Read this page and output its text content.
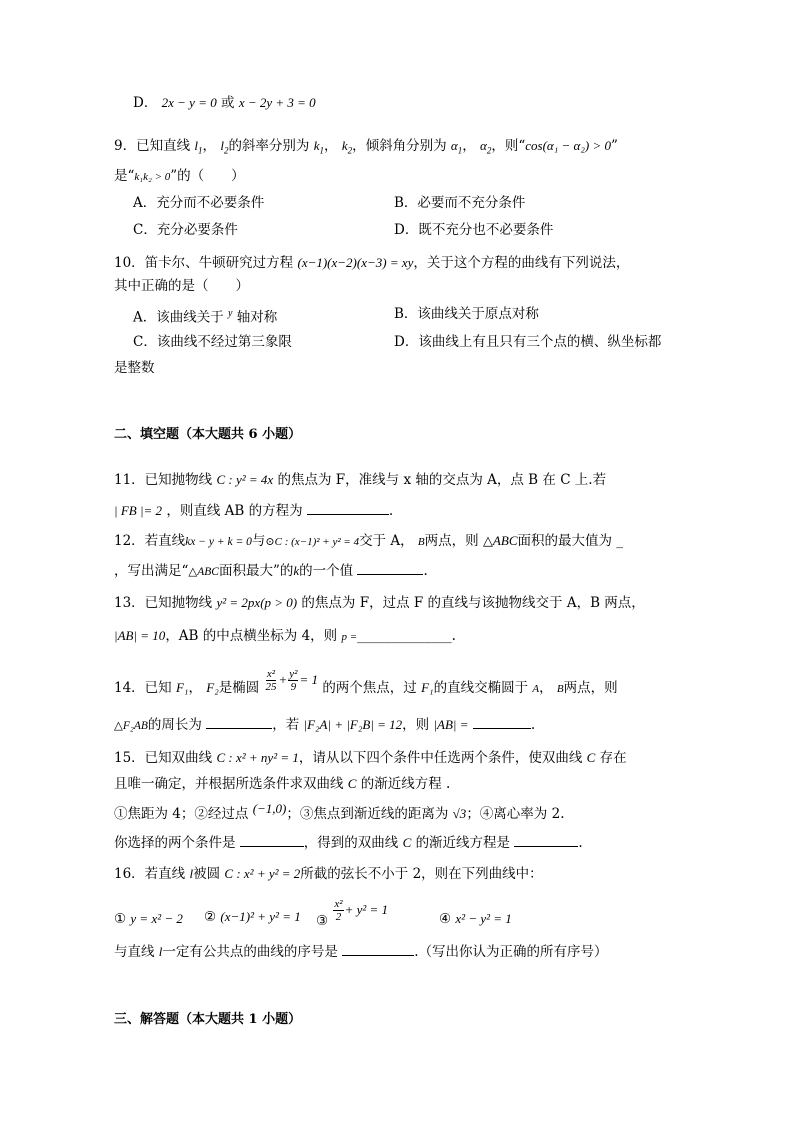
D． 2x − y = 0 或 x − 2y + 3 = 0
9．已知直线 $l_1$， $l_2$的斜率分别为 $k_1$， $k_2$，倾斜角分别为 $\alpha_1$， $\alpha_2$，则“cos(α₁ − α₂) > 0”
是“k₁k₂ > 0”的（　　）
A．充分而不必要条件	B．必要而不充分条件
C．充分必要条件	D．既不充分也不必要条件
10．笛卡尔、牛顿研究过方程 (x−1)(x−2)(x−3) = xy，关于这个方程的曲线有下列说法，
其中正确的是（　　）
A．该曲线关于 $^y$ 轴对称	B．该曲线关于原点对称
C．该曲线不经过第三象限	D．该曲线上有且只有三个点的横、纵坐标都
是整数
二、填空题（本大题共 6 小题）
11．已知抛物线 C : y² = 4x 的焦点为 F，准线与 x 轴的交点为 A，点 B 在 C 上.若
| FB |= 2 ，则直线 AB 的方程为	.
12．若直线kx − y + k = 0与⊙C : (x−1)² + y² = 4交于 A， B两点，则 △ABC面积的最大值为 _
，写出满足“△ABC面积最大”的k的一个值	.
13．已知抛物线 y² = 2px(p > 0) 的焦点为 F，过点 F 的直线与该抛物线交于 A，B 两点，
|AB| = 10，AB 的中点横坐标为 4，则 p =______________.
14．已知 F₁， F₂是椭圆 $\frac{\text{x²}}{25} + \frac{\text{y²}}{9} = 1$ 的两个焦点，过 F₁的直线交椭圆于 A， B两点，则
△F₂AB的周长为	，若 |F₂A| + |F₂B| = 12，则 |AB| =	.
15．已知双曲线 C : x² + ny² = 1，请从以下四个条件中任选两个条件，使双曲线 C 存在
且唯一确定，并根据所选条件求双曲线 C 的渐近线方程 .
①焦距为 4；②经过点 (−1,0)；③焦点到渐近线的距离为 √3；④离心率为 2.
你选择的两个条件是	，得到的双曲线 C 的渐近线方程是	.
16．若直线 l被圆 C : x² + y² = 2所截的弦长不小于 2，则在下列曲线中：
① y = x² − 2 ② (x−1)² + y² = 1 ③ $\frac{\text{x²}}{2} + y^2 = 1$
④ x² − y² = 1
与直线 l一定有公共点的曲线的序号是	.（写出你认为正确的所有序号）
三、解答题（本大题共 1 小题）
